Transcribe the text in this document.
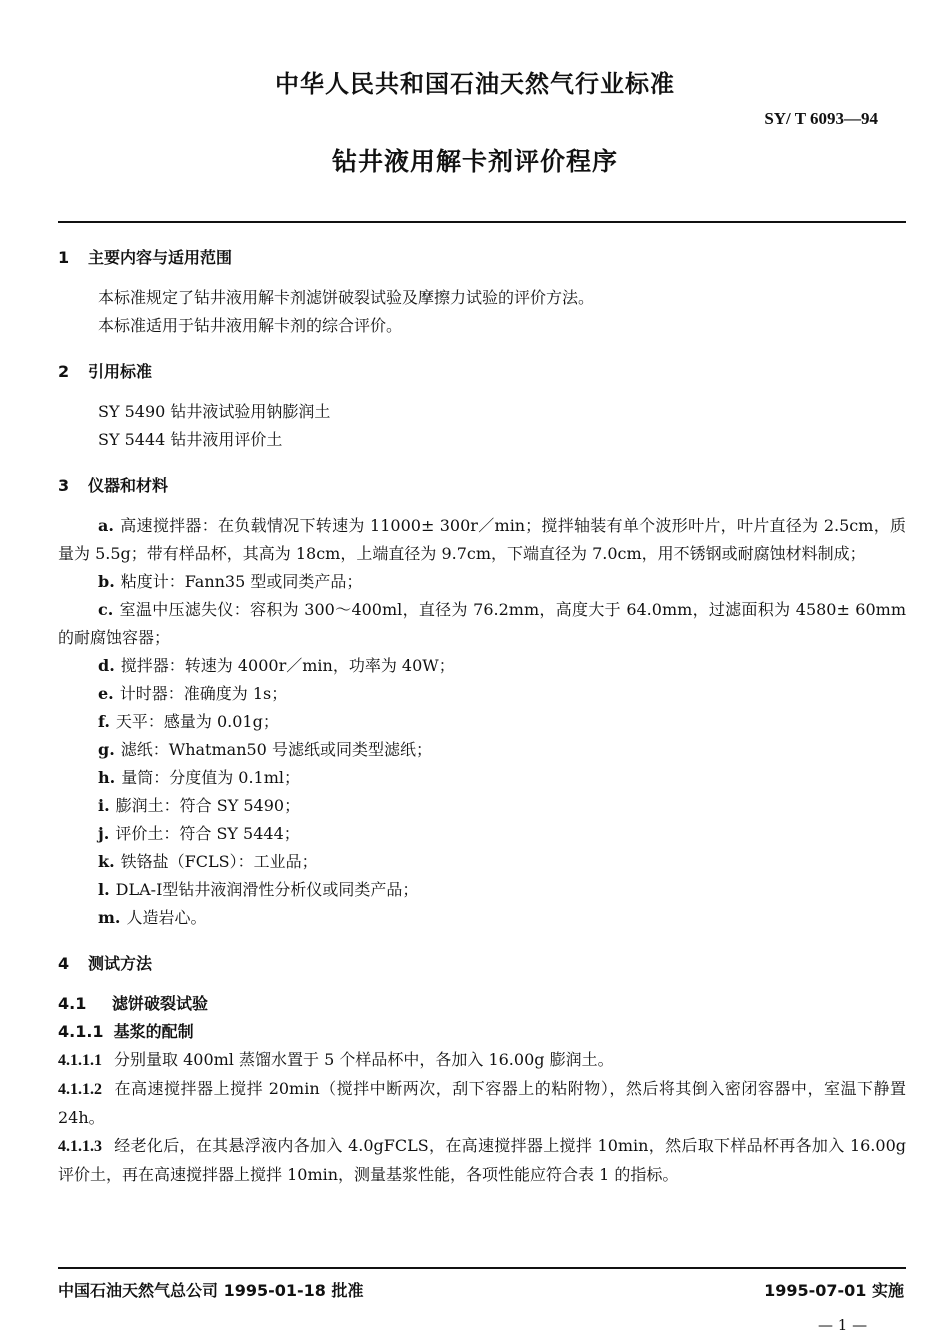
中华人民共和国石油天然气行业标准
SY/ T 6093—94
钻井液用解卡剂评价程序
1 主要内容与适用范围

本标准规定了钻井液用解卡剂滤饼破裂试验及摩擦力试验的评价方法。

本标准适用于钻井液用解卡剂的综合评价。

2 引用标准

SY 5490 钻井液试验用钠膨润土

SY 5444 钻井液用评价土

3 仪器和材料

a. 高速搅拌器：在负载情况下转速为 11000± 300r／min；搅拌轴装有单个波形叶片，叶片直径为 2.5cm，质量为 5.5g；带有样品杯，其高为 18cm，上端直径为 9.7cm，下端直径为 7.0cm，用不锈钢或耐腐蚀材料制成；

b. 粘度计：Fann35 型或同类产品；

c. 室温中压滤失仪：容积为 300～400ml，直径为 76.2mm，高度大于 64.0mm，过滤面积为 4580± 60mm 的耐腐蚀容器；

d. 搅拌器：转速为 4000r／min，功率为 40W；

e. 计时器：准确度为 1s；

f. 天平：感量为 0.01g；

g. 滤纸：Whatman50 号滤纸或同类型滤纸；

h. 量筒：分度值为 0.1ml；

i. 膨润土：符合 SY 5490；

j. 评价土：符合 SY 5444；

k. 铁铬盐（FCLS）：工业品；

l. DLA-Ⅰ型钻井液润滑性分析仪或同类产品；

m. 人造岩心。

4 测试方法

4.1 滤饼破裂试验

4.1.1 基浆的配制

4.1.1.1 分别量取 400ml 蒸馏水置于 5 个样品杯中，各加入 16.00g 膨润土。

4.1.1.2 在高速搅拌器上搅拌 20min（搅拌中断两次，刮下容器上的粘附物），然后将其倒入密闭容器中，室温下静置 24h。

4.1.1.3 经老化后，在其悬浮液内各加入 4.0gFCLS，在高速搅拌器上搅拌 10min，然后取下样品杯再各加入 16.00g 评价土，再在高速搅拌器上搅拌 10min，测量基浆性能，各项性能应符合表 1 的指标。

中国石油天然气总公司 1995-01-18 批准	1995-07-01 实施
— 1 —
